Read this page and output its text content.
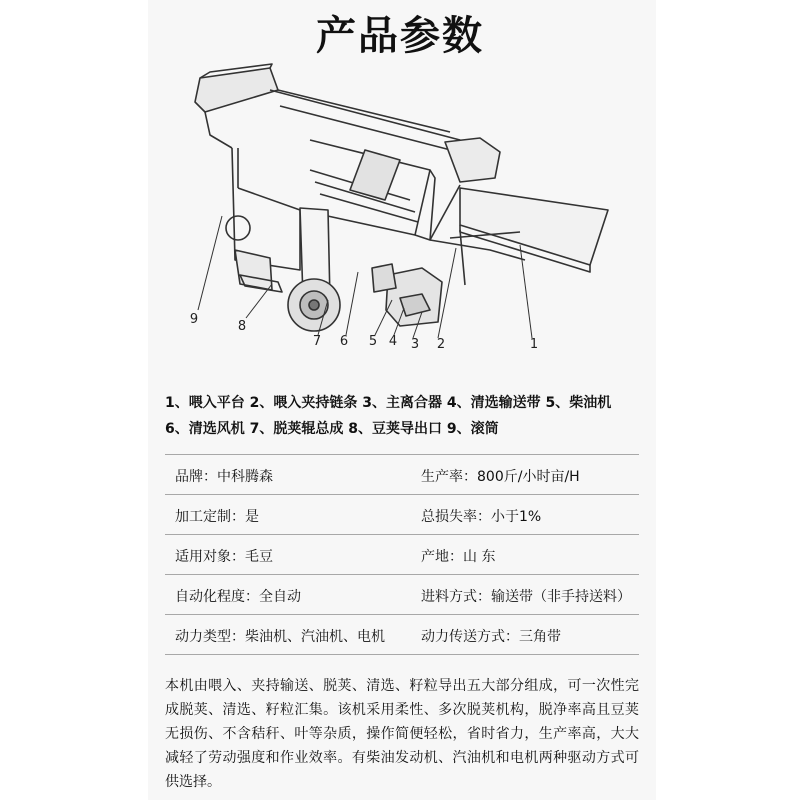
产品参数
9	8
7 6 5 4 3 2	1
1、喂入平台 2、喂入夹持链条 3、主离合器 4、清选输送带 5、柴油机
6、清选风机 7、脱荚辊总成 8、豆荚导出口 9、滚筒
品牌：中科腾森	生产率：800斤/小时亩/H
加工定制：是	总损失率：小于1%
适用对象：毛豆	产地：山 东
自动化程度：全自动	进料方式：输送带（非手持送料）
动力类型：柴油机、汽油机、电机	动力传送方式：三角带
本机由喂入、夹持输送、脱荚、清选、籽粒导出五大部分组成，可一次性完成脱荚、清选、籽粒汇集。该机采用柔性、多次脱荚机构，脱净率高且豆荚无损伤、不含秸秆、叶等杂质，操作简便轻松，省时省力，生产率高，大大减轻了劳动强度和作业效率。有柴油发动机、汽油机和电机两种驱动方式可供选择。
